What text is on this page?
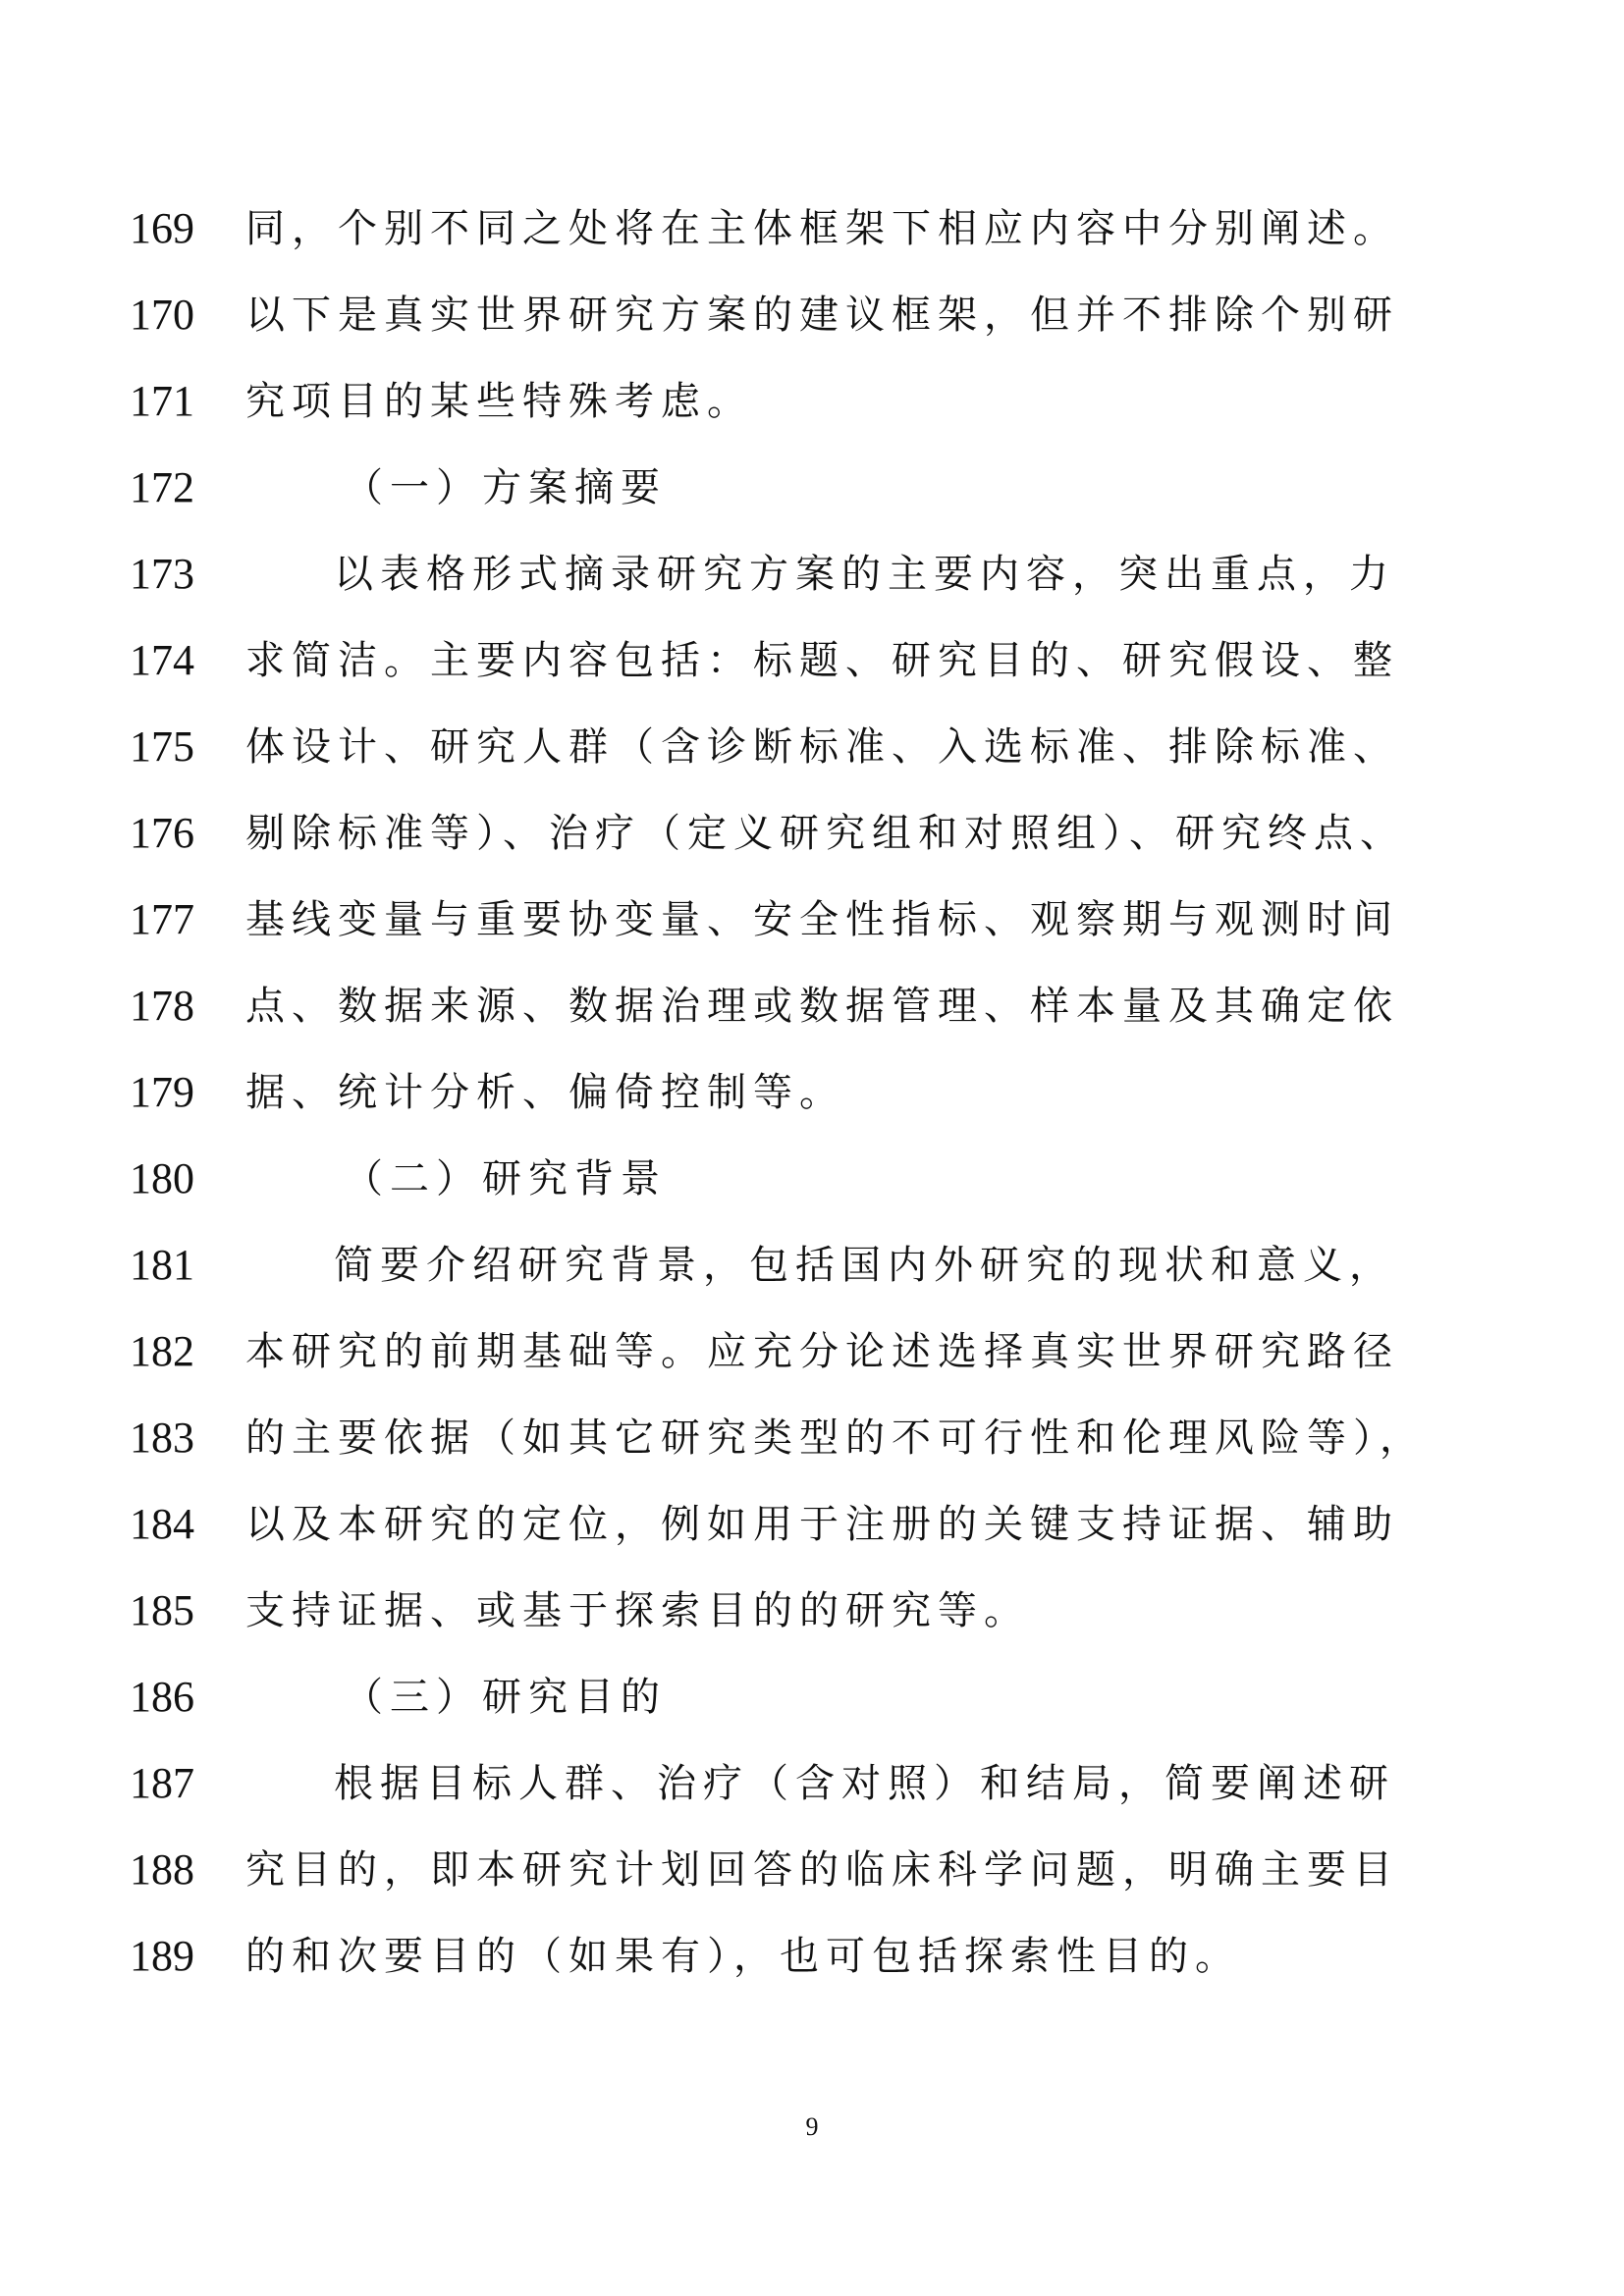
169	同，个别不同之处将在主体框架下相应内容中分别阐述。
170	以下是真实世界研究方案的建议框架，但并不排除个别研
171	究项目的某些特殊考虑。
172	（一）方案摘要
173	以表格形式摘录研究方案的主要内容，突出重点，力
174	求简洁。主要内容包括：标题、研究目的、研究假设、整
175	体设计、研究人群（含诊断标准、入选标准、排除标准、
176	剔除标准等）、治疗（定义研究组和对照组）、研究终点、
177	基线变量与重要协变量、安全性指标、观察期与观测时间
178	点、数据来源、数据治理或数据管理、样本量及其确定依
179	据、统计分析、偏倚控制等。
180	（二）研究背景
181	简要介绍研究背景，包括国内外研究的现状和意义，
182	本研究的前期基础等。应充分论述选择真实世界研究路径
183	的主要依据（如其它研究类型的不可行性和伦理风险等），
184	以及本研究的定位，例如用于注册的关键支持证据、辅助
185	支持证据、或基于探索目的的研究等。
186	（三）研究目的
187	根据目标人群、治疗（含对照）和结局，简要阐述研
188	究目的，即本研究计划回答的临床科学问题，明确主要目
189	的和次要目的（如果有），也可包括探索性目的。
9
